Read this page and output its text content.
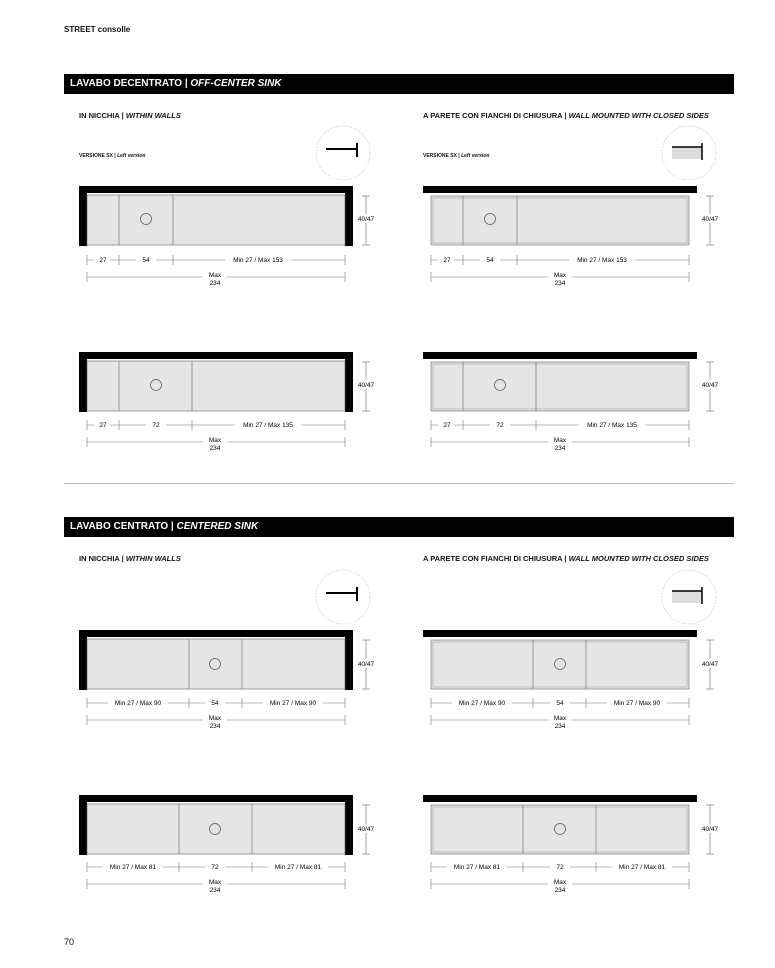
STREET consolle
LAVABO DECENTRATO | OFF-CENTER SINK
IN NICCHIA | WITHIN WALLS	A PARETE CON FIANCHI DI CHIUSURA | WALL MOUNTED WITH CLOSED SIDES
VERSIONE SX | Left version	VERSIONE SX | Left version
LAVABO CENTRATO | CENTERED SINK
IN NICCHIA | WITHIN WALLS	A PARETE CON FIANCHI DI CHIUSURA | WALL MOUNTED WITH CLOSED SIDES
40/47
27	54	Min 27 / Max 153
Max
234
40/47
27	54	Min 27 / Max 153
Max
234
40/47
27	72	Min 27 / Max 135
Max
234
40/47
27	72	Min 27 / Max 135
Max
234
40/47
Min 27 / Max 90	54	Min 27 / Max 90
Max
234
40/47
Min 27 / Max 90	54	Min 27 / Max 90
Max
234
40/47
Min 27 / Max 81	72	Min 27 / Max 81
Max
234
40/47
Min 27 / Max 81	72	Min 27 / Max 81
Max
234
70
